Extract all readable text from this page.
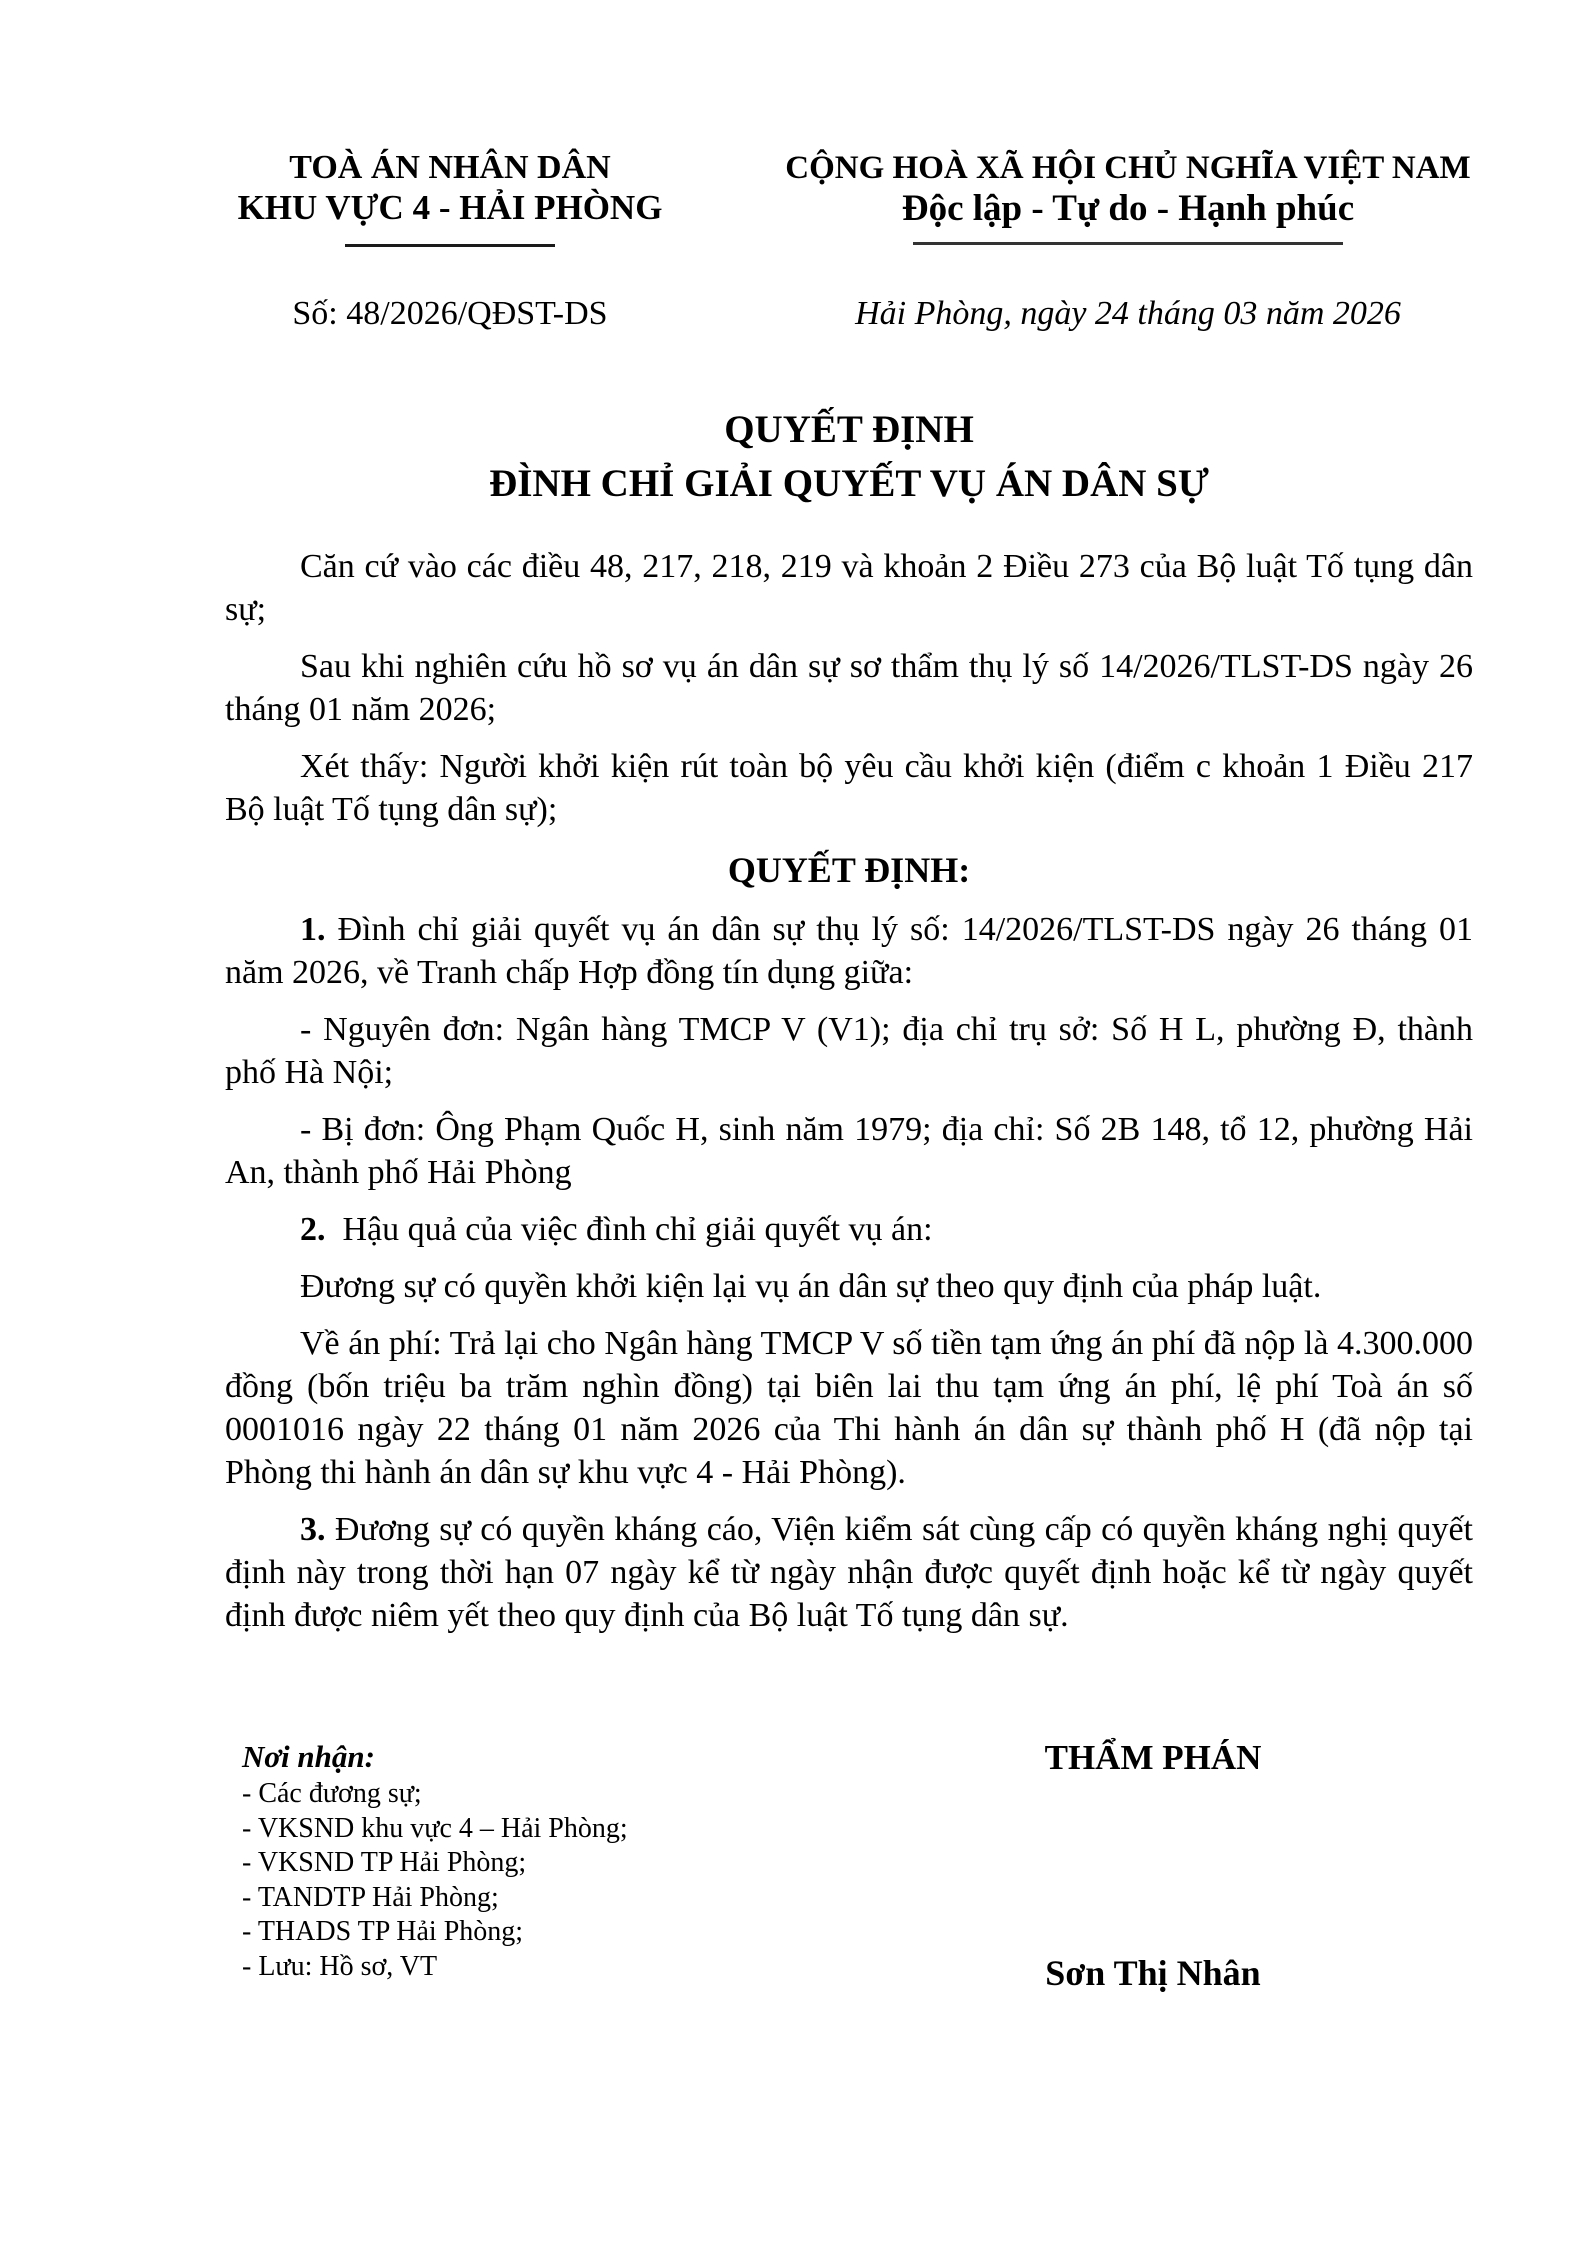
TOÀ ÁN NHÂN DÂN
KHU VỰC 4 - HẢI PHÒNG
CỘNG HOÀ XÃ HỘI CHỦ NGHĨA VIỆT NAM
Độc lập - Tự do - Hạnh phúc
Số: 48/2026/QĐST-DS	Hải Phòng, ngày 24 tháng 03 năm 2026
QUYẾT ĐỊNH
ĐÌNH CHỈ GIẢI QUYẾT VỤ ÁN DÂN SỰ

Căn cứ vào các điều 48, 217, 218, 219 và khoản 2 Điều 273 của Bộ luật Tố tụng dân sự;

Sau khi nghiên cứu hồ sơ vụ án dân sự sơ thẩm thụ lý số 14/2026/TLST-DS ngày 26 tháng 01 năm 2026;

Xét thấy: Người khởi kiện rút toàn bộ yêu cầu khởi kiện (điểm c khoản 1 Điều 217 Bộ luật Tố tụng dân sự);

QUYẾT ĐỊNH:

1. Đình chỉ giải quyết vụ án dân sự thụ lý số: 14/2026/TLST-DS ngày 26 tháng 01 năm 2026, về Tranh chấp Hợp đồng tín dụng giữa:

- Nguyên đơn: Ngân hàng TMCP V (V1); địa chỉ trụ sở: Số H L, phường Đ, thành phố Hà Nội;

- Bị đơn: Ông Phạm Quốc H, sinh năm 1979; địa chỉ: Số 2B 148, tổ 12, phường Hải An, thành phố Hải Phòng

2.  Hậu quả của việc đình chỉ giải quyết vụ án:

Đương sự có quyền khởi kiện lại vụ án dân sự theo quy định của pháp luật.

Về án phí: Trả lại cho Ngân hàng TMCP V số tiền tạm ứng án phí đã nộp là 4.300.000 đồng (bốn triệu ba trăm nghìn đồng) tại biên lai thu tạm ứng án phí, lệ phí Toà án số 0001016 ngày 22 tháng 01 năm 2026 của Thi hành án dân sự thành phố H (đã nộp tại Phòng thi hành án dân sự khu vực 4 - Hải Phòng).

3. Đương sự có quyền kháng cáo, Viện kiểm sát cùng cấp có quyền kháng nghị quyết định này trong thời hạn 07 ngày kể từ ngày nhận được quyết định hoặc kể từ ngày quyết định được niêm yết theo quy định của Bộ luật Tố tụng dân sự.

Nơi nhận:
- Các đương sự;
- VKSND khu vực 4 – Hải Phòng;
- VKSND TP Hải Phòng;
- TANDTP Hải Phòng;
- THADS TP Hải Phòng;
- Lưu: Hồ sơ, VT
THẨM PHÁN
Sơn Thị Nhân
